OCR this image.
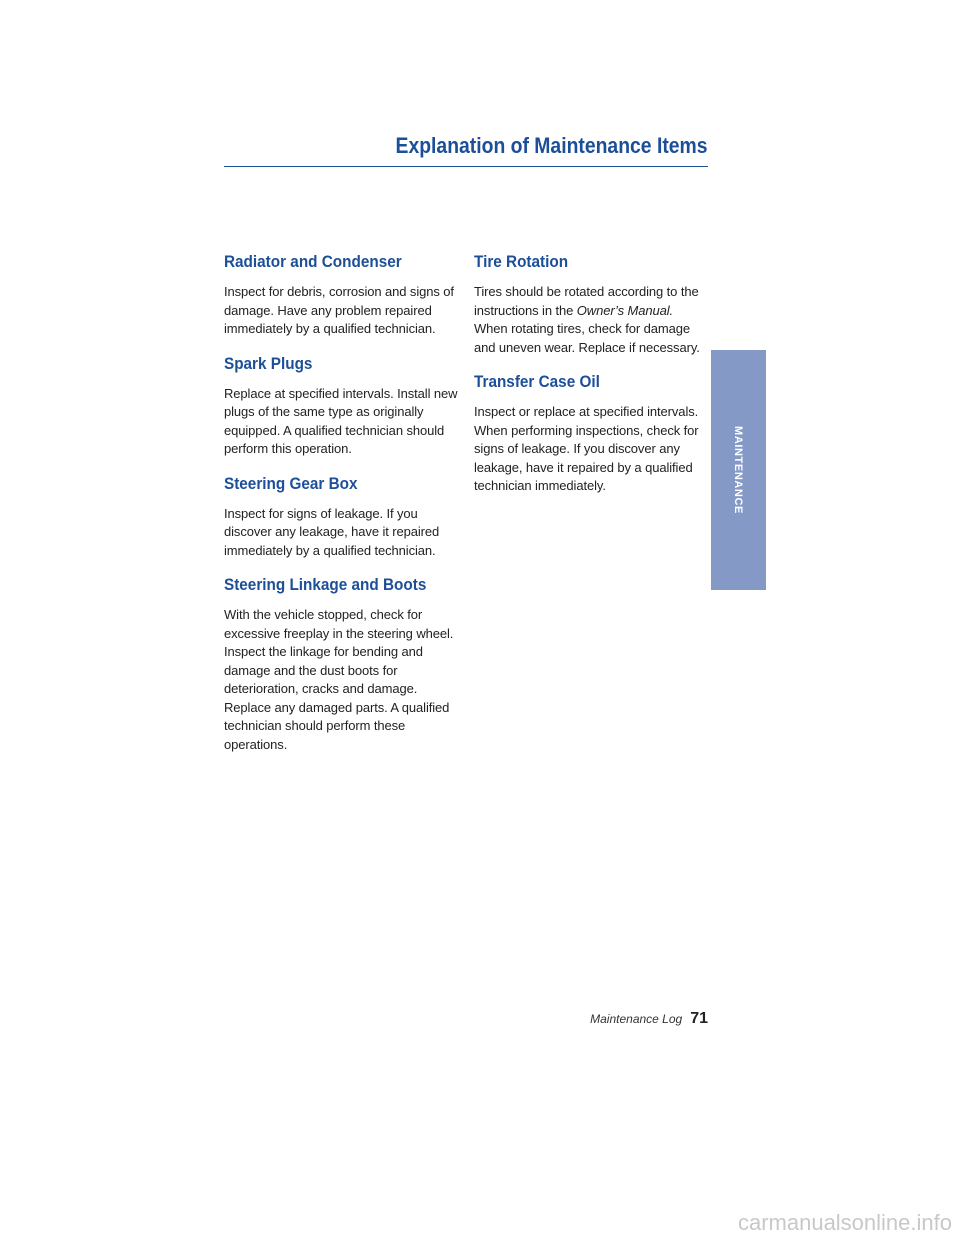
Explanation of Maintenance Items
Radiator and Condenser

Inspect for debris, corrosion and signs of damage. Have any problem repaired immediately by a qualified technician.

Spark Plugs

Replace at specified intervals. Install new plugs of the same type as originally equipped. A qualified technician should perform this operation.

Steering Gear Box

Inspect for signs of leakage. If you discover any leakage, have it repaired immediately by a qualified technician.

Steering Linkage and Boots

With the vehicle stopped, check for excessive freeplay in the steering wheel. Inspect the linkage for bending and damage and the dust boots for deterioration, cracks and damage. Replace any damaged parts. A qualified technician should perform these operations.

Tire Rotation

Tires should be rotated according to the instructions in the Owner’s Manual. When rotating tires, check for damage and uneven wear. Replace if necessary.

Transfer Case Oil

Inspect or replace at specified intervals. When performing inspections, check for signs of leakage. If you discover any leakage, have it repaired by a qualified technician immediately.	MAINTENANCE
Maintenance Log 71
carmanualsonline.info
